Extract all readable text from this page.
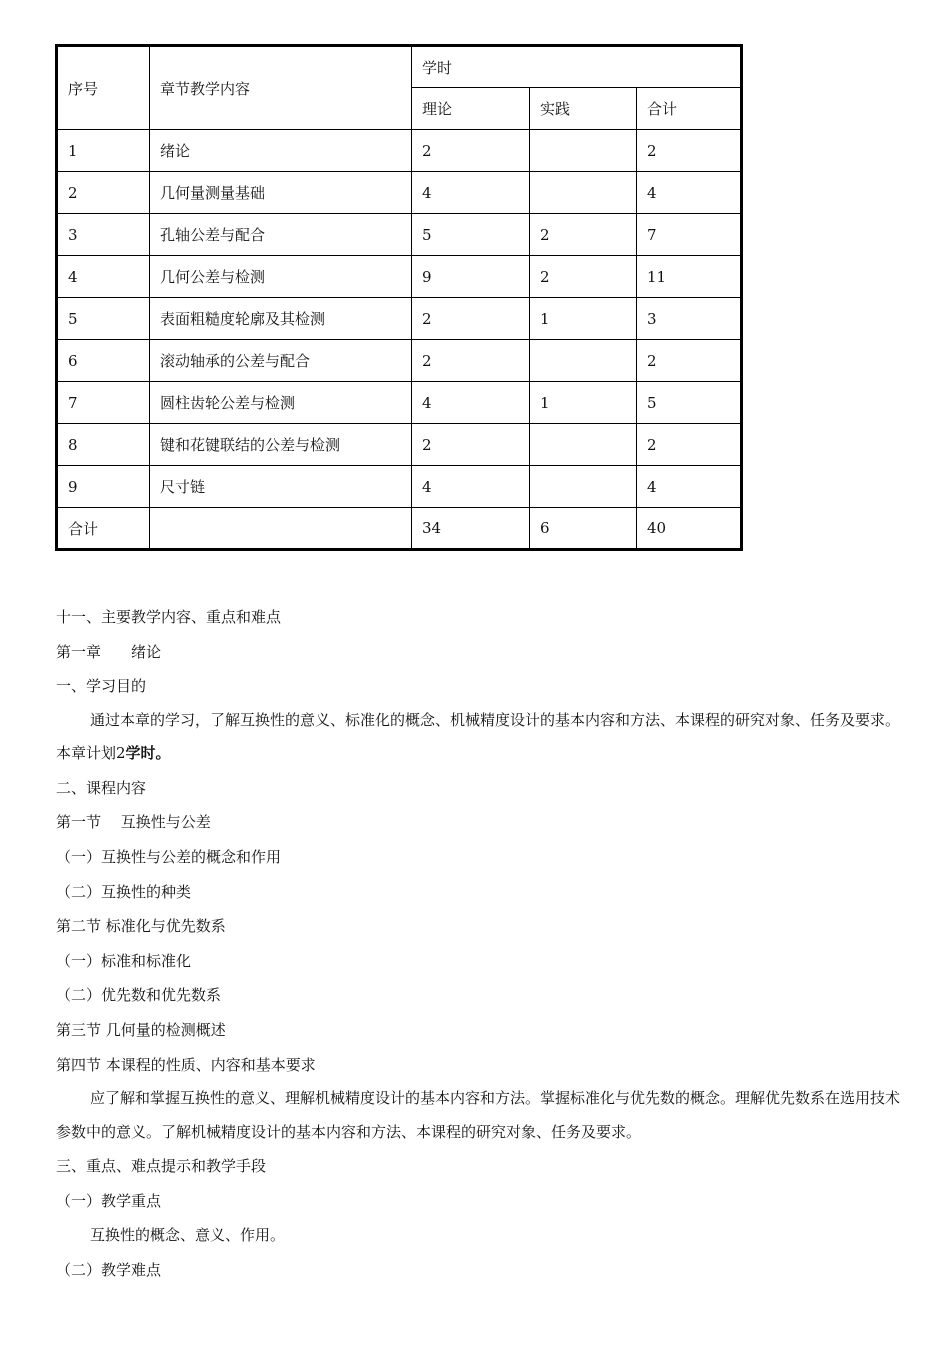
序号	章节教学内容	学时		
		理论	实践	合计
1	绪论	2		2
2	几何量测量基础	4		4
3	孔轴公差与配合	5	2	7
4	几何公差与检测	9	2	11
5	表面粗糙度轮廓及其检测	2	1	3
6	滚动轴承的公差与配合	2		2
7	圆柱齿轮公差与检测	4	1	5
8	键和花键联结的公差与检测	2		2
9	尺寸链	4		4
合计		34	6	40
十一、主要教学内容、重点和难点
第一章　　绪论
一、学习目的
通过本章的学习，了解互换性的意义、标准化的概念、机械精度设计的基本内容和方法、本课程的研究对象、任务及要求。 本章计划2学时。
二、课程内容
第一节　 互换性与公差
（一）互换性与公差的概念和作用
（二）互换性的种类
第二节 标准化与优先数系
（一）标准和标准化
（二）优先数和优先数系
第三节 几何量的检测概述
第四节 本课程的性质、内容和基本要求
应了解和掌握互换性的意义、理解机械精度设计的基本内容和方法。掌握标准化与优先数的概念。理解优先数系在选用技术参数中的意义。了解机械精度设计的基本内容和方法、本课程的研究对象、任务及要求。
三、重点、难点提示和教学手段
（一）教学重点
互换性的概念、意义、作用。
（二）教学难点
